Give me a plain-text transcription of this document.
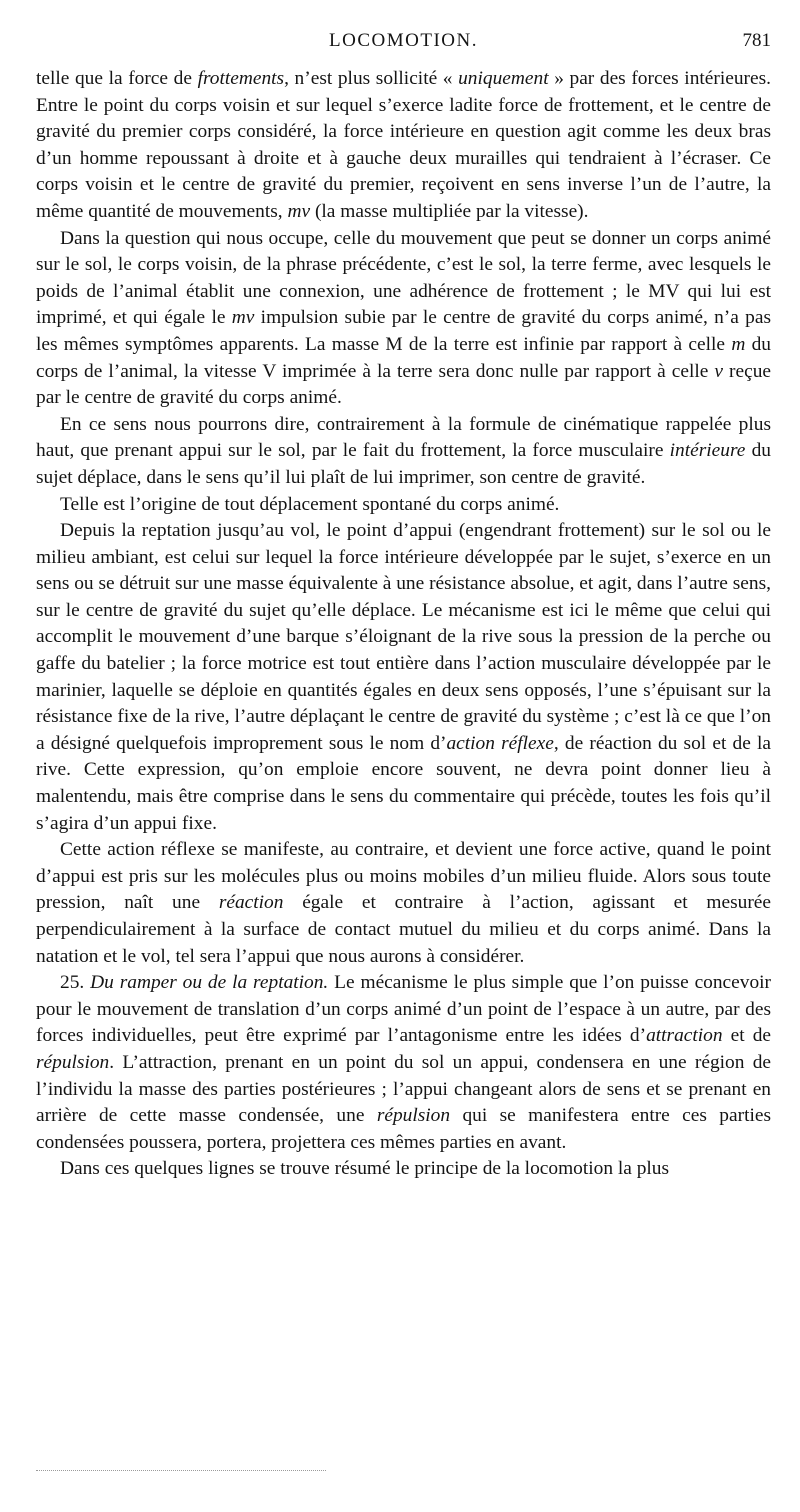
LOCOMOTION.	781

telle que la force de frottements, n’est plus sollicité « uniquement » par des forces intérieures. Entre le point du corps voisin et sur lequel s’exerce ladite force de frottement, et le centre de gravité du premier corps considéré, la force intérieure en question agit comme les deux bras d’un homme repoussant à droite et à gauche deux murailles qui tendraient à l’écraser. Ce corps voisin et le centre de gravité du premier, reçoivent en sens inverse l’un de l’autre, la même quantité de mouvements, mv (la masse multipliée par la vitesse).

Dans la question qui nous occupe, celle du mouvement que peut se donner un corps animé sur le sol, le corps voisin, de la phrase précédente, c’est le sol, la terre ferme, avec lesquels le poids de l’animal établit une connexion, une adhérence de frottement ; le MV qui lui est imprimé, et qui égale le mv impulsion subie par le centre de gravité du corps animé, n’a pas les mêmes symptômes apparents. La masse M de la terre est infinie par rapport à celle m du corps de l’animal, la vitesse V imprimée à la terre sera donc nulle par rapport à celle v reçue par le centre de gravité du corps animé.

En ce sens nous pourrons dire, contrairement à la formule de cinématique rappelée plus haut, que prenant appui sur le sol, par le fait du frottement, la force musculaire intérieure du sujet déplace, dans le sens qu’il lui plaît de lui imprimer, son centre de gravité.

Telle est l’origine de tout déplacement spontané du corps animé.

Depuis la reptation jusqu’au vol, le point d’appui (engendrant frottement) sur le sol ou le milieu ambiant, est celui sur lequel la force intérieure développée par le sujet, s’exerce en un sens ou se détruit sur une masse équivalente à une résistance absolue, et agit, dans l’autre sens, sur le centre de gravité du sujet qu’elle déplace. Le mécanisme est ici le même que celui qui accomplit le mouvement d’une barque s’éloignant de la rive sous la pression de la perche ou gaffe du batelier ; la force motrice est tout entière dans l’action musculaire développée par le marinier, laquelle se déploie en quantités égales en deux sens opposés, l’une s’épuisant sur la résistance fixe de la rive, l’autre déplaçant le centre de gravité du système ; c’est là ce que l’on a désigné quelquefois improprement sous le nom d’action réflexe, de réaction du sol et de la rive. Cette expression, qu’on emploie encore souvent, ne devra point donner lieu à malentendu, mais être comprise dans le sens du commentaire qui précède, toutes les fois qu’il s’agira d’un appui fixe.

Cette action réflexe se manifeste, au contraire, et devient une force active, quand le point d’appui est pris sur les molécules plus ou moins mobiles d’un milieu fluide. Alors sous toute pression, naît une réaction égale et contraire à l’action, agissant et mesurée perpendiculairement à la surface de contact mutuel du milieu et du corps animé. Dans la natation et le vol, tel sera l’appui que nous aurons à considérer.

25. Du ramper ou de la reptation. Le mécanisme le plus simple que l’on puisse concevoir pour le mouvement de translation d’un corps animé d’un point de l’espace à un autre, par des forces individuelles, peut être exprimé par l’antagonisme entre les idées d’attraction et de répulsion. L’attraction, prenant en un point du sol un appui, condensera en une région de l’individu la masse des parties postérieures ; l’appui changeant alors de sens et se prenant en arrière de cette masse condensée, une répulsion qui se manifestera entre ces parties condensées poussera, portera, projettera ces mêmes parties en avant.

Dans ces quelques lignes se trouve résumé le principe de la locomotion la plus
